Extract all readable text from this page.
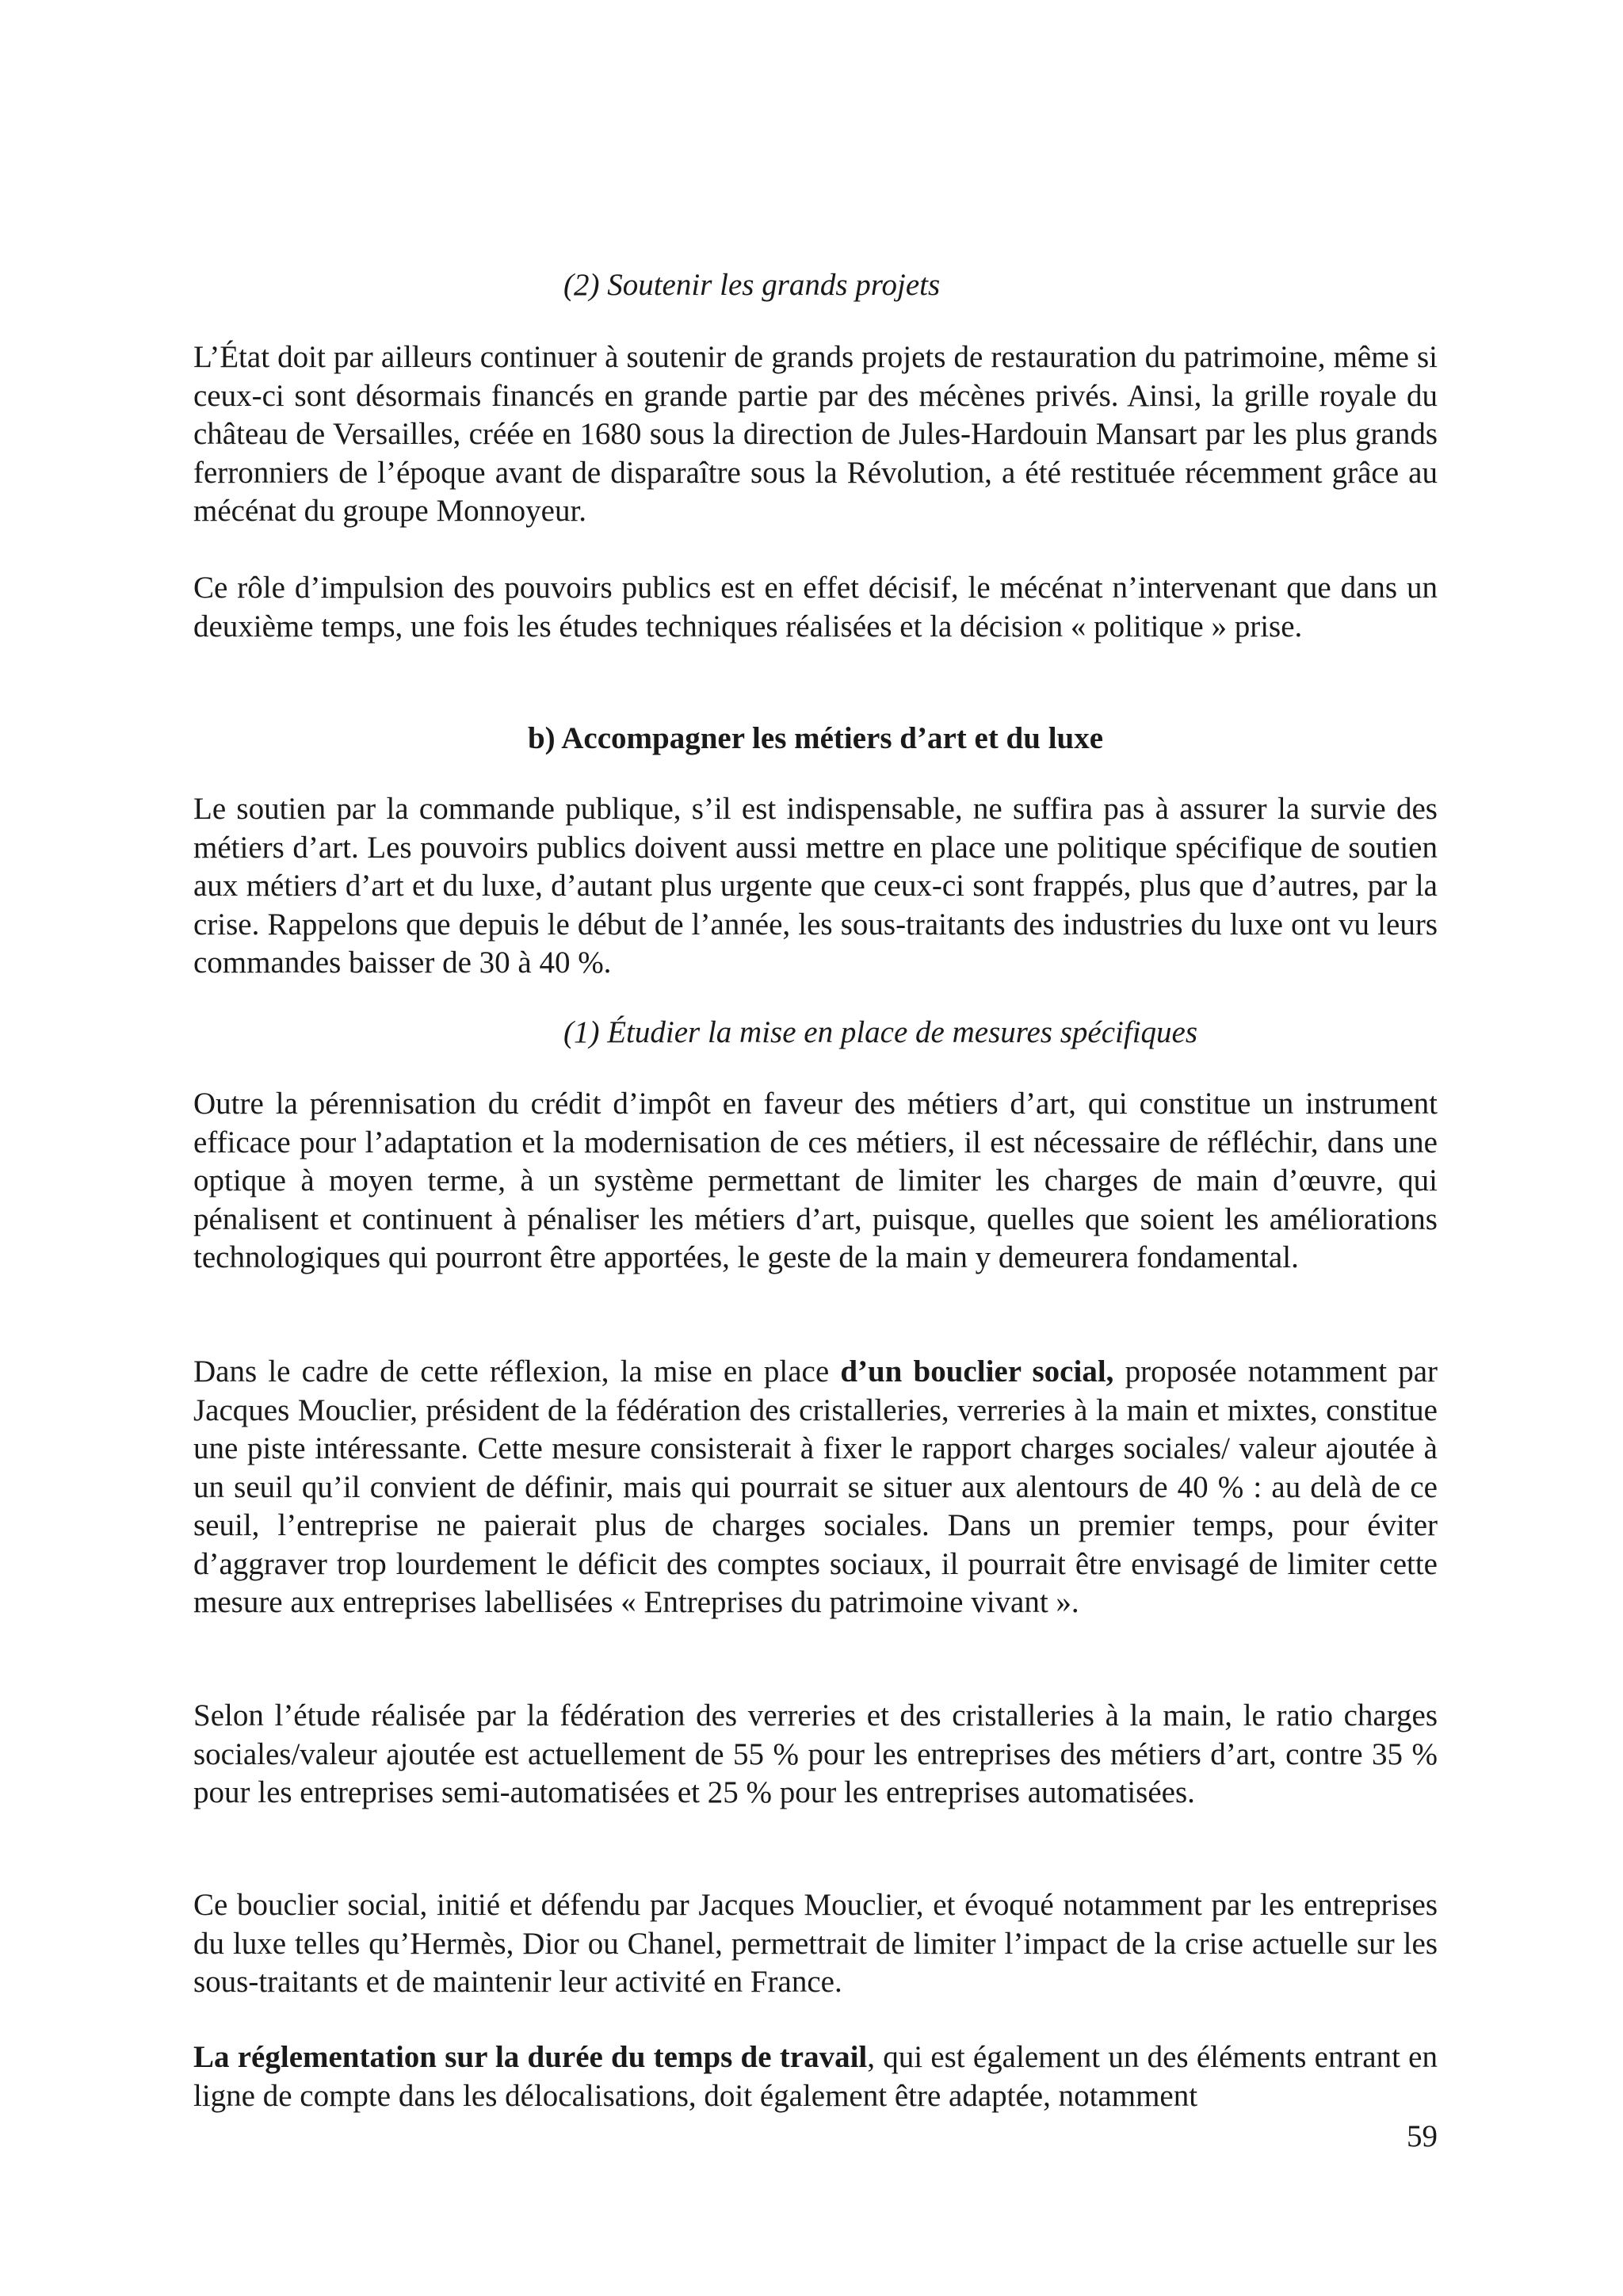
(2) Soutenir les grands projets

L’État doit par ailleurs continuer à soutenir de grands projets de restauration du patrimoine, même si ceux-ci sont désormais financés en grande partie par des mécènes privés. Ainsi, la grille royale du château de Versailles, créée en 1680 sous la direction de Jules-Hardouin Mansart par les plus grands ferronniers de l’époque avant de disparaître sous la Révolution, a été restituée récemment grâce au mécénat du groupe Monnoyeur.

Ce rôle d’impulsion des pouvoirs publics est en effet décisif, le mécénat n’intervenant que dans un deuxième temps, une fois les études techniques réalisées et la décision « politique » prise.

b) Accompagner les métiers d’art et du luxe

Le soutien par la commande publique, s’il est indispensable, ne suffira pas à assurer la survie des métiers d’art. Les pouvoirs publics doivent aussi mettre en place une politique spécifique de soutien aux métiers d’art et du luxe, d’autant plus urgente que ceux-ci sont frappés, plus que d’autres, par la crise. Rappelons que depuis le début de l’année, les sous-traitants des industries du luxe ont vu leurs commandes baisser de 30 à 40 %.

(1) Étudier la mise en place de mesures spécifiques

Outre la pérennisation du crédit d’impôt en faveur des métiers d’art, qui constitue un instrument efficace pour l’adaptation et la modernisation de ces métiers, il est nécessaire de réfléchir, dans une optique à moyen terme, à un système permettant de limiter les charges de main d’œuvre, qui pénalisent et continuent à pénaliser les métiers d’art, puisque, quelles que soient les améliorations technologiques qui pourront être apportées, le geste de la main y demeurera fondamental.

Dans le cadre de cette réflexion, la mise en place d’un bouclier social, proposée notamment par Jacques Mouclier, président de la fédération des cristalleries, verreries à la main et mixtes, constitue une piste intéressante. Cette mesure consisterait à fixer le rapport charges sociales/ valeur ajoutée à un seuil qu’il convient de définir, mais qui pourrait se situer aux alentours de 40 % : au delà de ce seuil, l’entreprise ne paierait plus de charges sociales. Dans un premier temps, pour éviter d’aggraver trop lourdement le déficit des comptes sociaux, il pourrait être envisagé de limiter cette mesure aux entreprises labellisées « Entreprises du patrimoine vivant ».

Selon l’étude réalisée par la fédération des verreries et des cristalleries à la main, le ratio charges sociales/valeur ajoutée est actuellement de 55 % pour les entreprises des métiers d’art, contre 35 % pour les entreprises semi-automatisées et 25 % pour les entreprises automatisées.

Ce bouclier social, initié et défendu par Jacques Mouclier, et évoqué notamment par les entreprises du luxe telles qu’Hermès, Dior ou Chanel, permettrait de limiter l’impact de la crise actuelle sur les sous-traitants et de maintenir leur activité en France.

La réglementation sur la durée du temps de travail, qui est également un des éléments entrant en ligne de compte dans les délocalisations, doit également être adaptée, notamment

59
